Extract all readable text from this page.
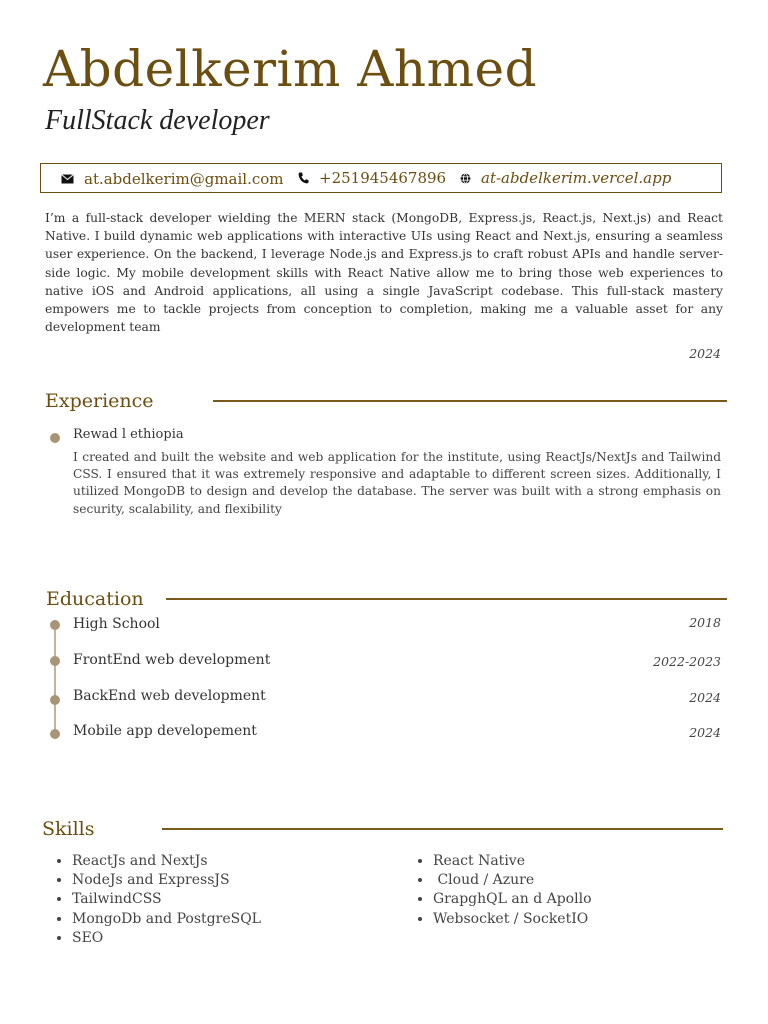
Abdelkerim Ahmed
FullStack developer
at.abdelkerim@gmail.com +251945467896 at-abdelkerim.vercel.app
I’m a full-stack developer wielding the MERN stack (MongoDB, Express.js, React.js, Next.js) and React Native. I build dynamic web applications with interactive UIs using React and Next.js, ensuring a seamless user experience. On the backend, I leverage Node.js and Express.js to craft robust APIs and handle server-side logic. My mobile development skills with React Native allow me to bring those web experiences to native iOS and Android applications, all using a single JavaScript codebase. This full-stack mastery empowers me to tackle projects from conception to completion, making me a valuable asset for any development team
2024
Experience
Rewad l ethiopia
I created and built the website and web application for the institute, using ReactJs/NextJs and Tailwind CSS. I ensured that it was extremely responsive and adaptable to different screen sizes. Additionally, I utilized MongoDB to design and develop the database. The server was built with a strong emphasis on security, scalability, and flexibility
Education
High School	2018
FrontEnd web development	2022-2023
BackEnd web development	2024
Mobile app developement	2024
Skills
• ReactJs and NextJs
• NodeJs and ExpressJS
• TailwindCSS
• MongoDb and PostgreSQL
• SEO
• React Native
•  Cloud / Azure
• GrapghQL an d Apollo
• Websocket / SocketIO
